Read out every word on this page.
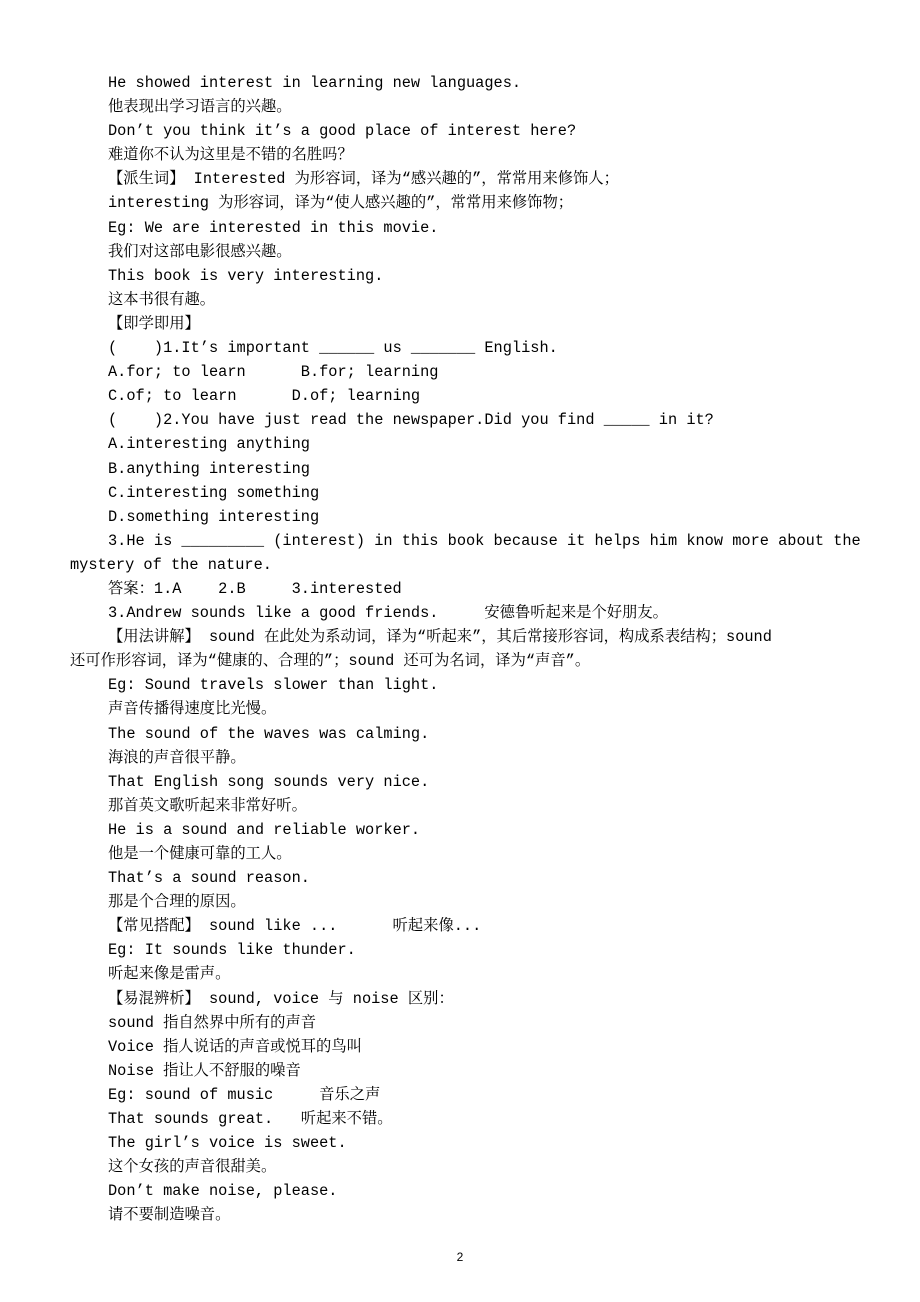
He showed interest in learning new languages.
他表现出学习语言的兴趣。
Don’t you think it’s a good place of interest here?
难道你不认为这里是不错的名胜吗？
【派生词】 Interested 为形容词，译为“感兴趣的”，常常用来修饰人；
interesting 为形容词，译为“使人感兴趣的”，常常用来修饰物；
Eg: We are interested in this movie.
我们对这部电影很感兴趣。
This book is very interesting.
这本书很有趣。
【即学即用】
(    )1.It’s important ______ us _______ English.
A.for; to learn      B.for; learning
C.of; to learn      D.of; learning
(    )2.You have just read the newspaper.Did you find _____ in it?
A.interesting anything
B.anything interesting
C.interesting something
D.something interesting
3.He is _________ (interest) in this book because it helps him know more about the
mystery of the nature.
答案：1.A    2.B     3.interested
3.Andrew sounds like a good friends.     安德鲁听起来是个好朋友。
【用法讲解】 sound 在此处为系动词，译为“听起来”，其后常接形容词，构成系表结构；sound
还可作形容词，译为“健康的、合理的”；sound 还可为名词，译为“声音”。
Eg: Sound travels slower than light.
声音传播得速度比光慢。
The sound of the waves was calming.
海浪的声音很平静。
That English song sounds very nice.
那首英文歌听起来非常好听。
He is a sound and reliable worker.
他是一个健康可靠的工人。
That’s a sound reason.
那是个合理的原因。
【常见搭配】 sound like ...      听起来像...
Eg: It sounds like thunder.
听起来像是雷声。
【易混辨析】 sound, voice 与 noise 区别：
sound 指自然界中所有的声音
Voice 指人说话的声音或悦耳的鸟叫
Noise 指让人不舒服的噪音
Eg: sound of music     音乐之声
That sounds great.   听起来不错。
The girl’s voice is sweet.
这个女孩的声音很甜美。
Don’t make noise, please.
请不要制造噪音。
2
